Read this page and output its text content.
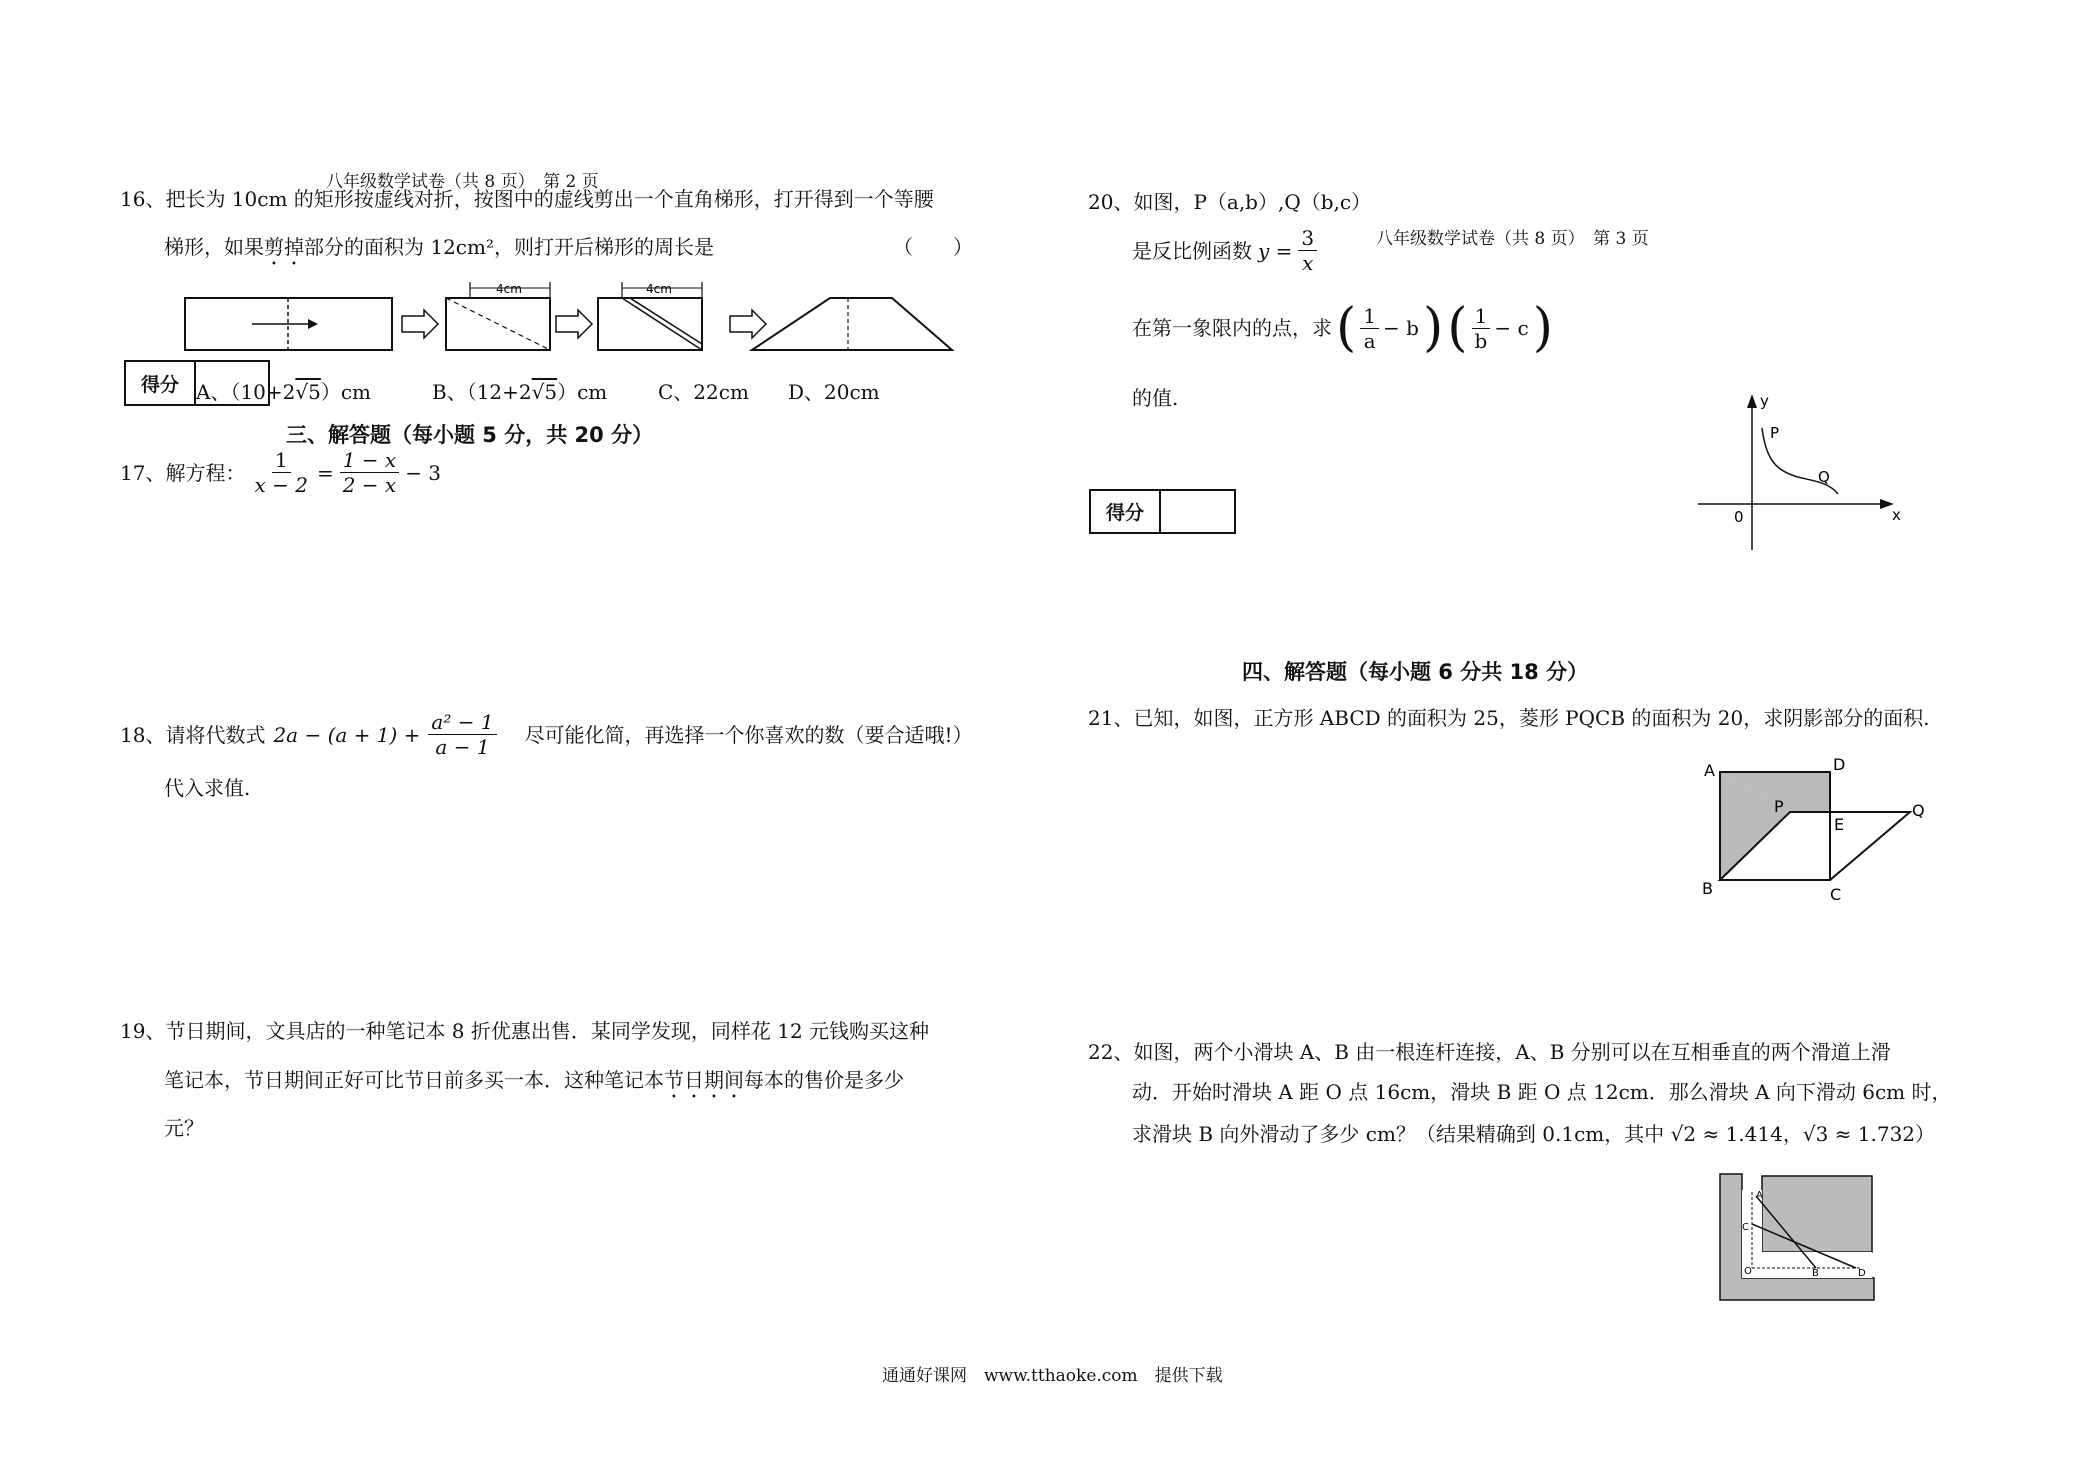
八年级数学试卷（共 8 页）　第 2 页
八年级数学试卷（共 8 页）　第 3 页
16、把长为 10cm 的矩形按虚线对折，按图中的虚线剪出一个直角梯形，打开得到一个等腰
梯形，如果剪掉部分的面积为 12cm²，则打开后梯形的周长是	（　　）
4cm	4cm
得分 A、（10+2√5）cm	B、（12+2√5）cm	C、22cm D、20cm
三、解答题（每小题 5 分，共 20 分）
17、解方程： $\frac{1}{x - 2} = \frac{1 - x}{2 - x} - 3$
18、请将代数式 $2a - (a + 1) + \frac{\text{a² − 1}}{a - 1}$ 尽可能化简，再选择一个你喜欢的数（要合适哦!）
代入求值.
19、节日期间，文具店的一种笔记本 8 折优惠出售．某同学发现，同样花 12 元钱购买这种
笔记本，节日期间正好可比节日前多买一本．这种笔记本节日期间每本的售价是多少
元？
20、如图，P（a,b）,Q（b,c）
是反比例函数 $y = \frac{3}{x}$
在第一象限内的点，求 ( $\frac{1}{a} - b$ ) ( $\frac{1}{b} - c$ )
的值.	y
x
0
P
Q
得分
四、解答题（每小题 6 分共 18 分）
21、已知，如图，正方形 ABCD 的面积为 25，菱形 PQCB 的面积为 20，求阴影部分的面积.
A	D
P
E
Q
B	C
22、如图，两个小滑块 A、B 由一根连杆连接，A、B 分别可以在互相垂直的两个滑道上滑
动．开始时滑块 A 距 O 点 16cm，滑块 B 距 O 点 12cm．那么滑块 A 向下滑动 6cm 时，
求滑块 B 向外滑动了多少 cm？（结果精确到 0.1cm，其中 √2 ≈ 1.414，√3 ≈ 1.732）
A
C
O	B	D
通通好课网　www.tthaoke.com　提供下载
